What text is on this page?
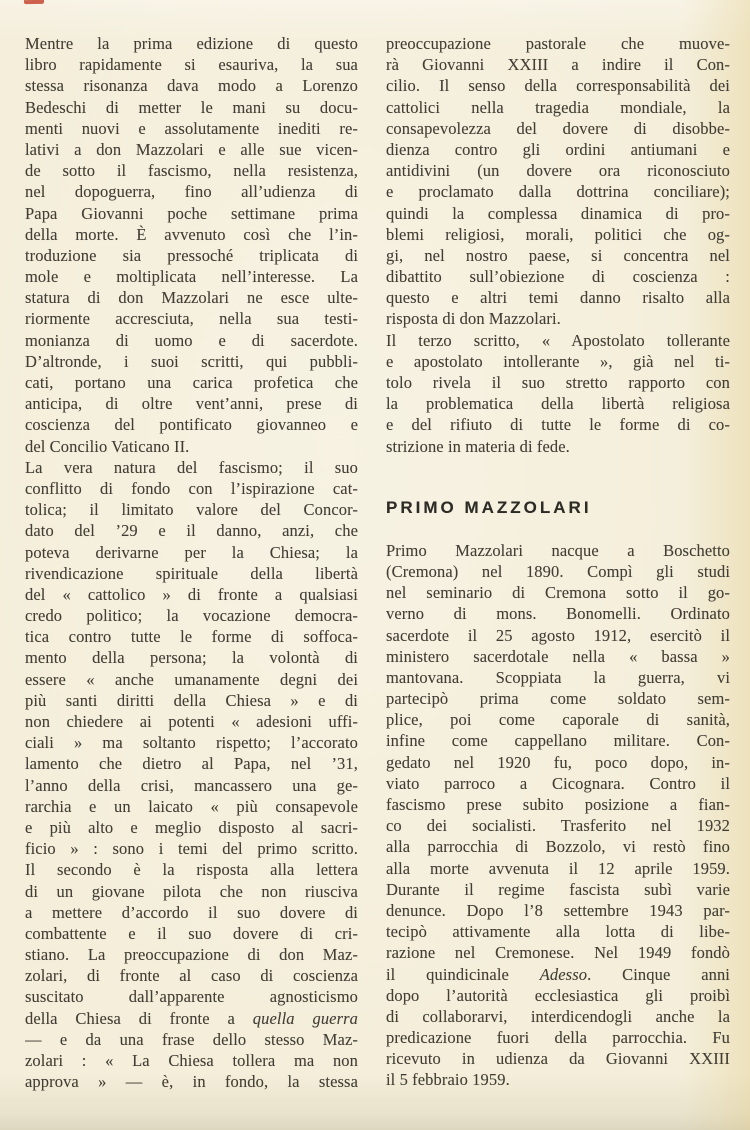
Mentre la prima edizione di questo
libro rapidamente si esauriva, la sua
stessa risonanza dava modo a Lorenzo
Bedeschi di metter le mani su docu-
menti nuovi e assolutamente inediti re-
lativi a don Mazzolari e alle sue vicen-
de sotto il fascismo, nella resistenza,
nel dopoguerra, fino all’udienza di
Papa Giovanni poche settimane prima
della morte. È avvenuto così che l’in-
troduzione sia pressoché triplicata di
mole e moltiplicata nell’interesse. La
statura di don Mazzolari ne esce ulte-
riormente accresciuta, nella sua testi-
monianza di uomo e di sacerdote.
D’altronde, i suoi scritti, qui pubbli-
cati, portano una carica profetica che
anticipa, di oltre vent’anni, prese di
coscienza del pontificato giovanneo e
del Concilio Vaticano II.
La vera natura del fascismo; il suo
conflitto di fondo con l’ispirazione cat-
tolica; il limitato valore del Concor-
dato del ’29 e il danno, anzi, che
poteva derivarne per la Chiesa; la
rivendicazione spirituale della libertà
del « cattolico » di fronte a qualsiasi
credo politico; la vocazione democra-
tica contro tutte le forme di soffoca-
mento della persona; la volontà di
essere « anche umanamente degni dei
più santi diritti della Chiesa » e di
non chiedere ai potenti « adesioni uffi-
ciali » ma soltanto rispetto; l’accorato
lamento che dietro al Papa, nel ’31,
l’anno della crisi, mancassero una ge-
rarchia e un laicato « più consapevole
e più alto e meglio disposto al sacri-
ficio » : sono i temi del primo scritto.
Il secondo è la risposta alla lettera
di un giovane pilota che non riusciva
a mettere d’accordo il suo dovere di
combattente e il suo dovere di cri-
stiano. La preoccupazione di don Maz-
zolari, di fronte al caso di coscienza
suscitato dall’apparente agnosticismo
della Chiesa di fronte a quella guerra
— e da una frase dello stesso Maz-
zolari : « La Chiesa tollera ma non
approva » — è, in fondo, la stessa
preoccupazione pastorale che muove-
rà Giovanni XXIII a indire il Con-
cilio. Il senso della corresponsabilità dei
cattolici nella tragedia mondiale, la
consapevolezza del dovere di disobbe-
dienza contro gli ordini antiumani e
antidivini (un dovere ora riconosciuto
e proclamato dalla dottrina conciliare);
quindi la complessa dinamica di pro-
blemi religiosi, morali, politici che og-
gi, nel nostro paese, si concentra nel
dibattito sull’obiezione di coscienza :
questo e altri temi danno risalto alla
risposta di don Mazzolari.
Il terzo scritto, « Apostolato tollerante
e apostolato intollerante », già nel ti-
tolo rivela il suo stretto rapporto con
la problematica della libertà religiosa
e del rifiuto di tutte le forme di co-
strizione in materia di fede.
PRIMO MAZZOLARI
Primo Mazzolari nacque a Boschetto
(Cremona) nel 1890. Compì gli studi
nel seminario di Cremona sotto il go-
verno di mons. Bonomelli. Ordinato
sacerdote il 25 agosto 1912, esercitò il
ministero sacerdotale nella « bassa »
mantovana. Scoppiata la guerra, vi
partecipò prima come soldato sem-
plice, poi come caporale di sanità,
infine come cappellano militare. Con-
gedato nel 1920 fu, poco dopo, in-
viato parroco a Cicognara. Contro il
fascismo prese subito posizione a fian-
co dei socialisti. Trasferito nel 1932
alla parrocchia di Bozzolo, vi restò fino
alla morte avvenuta il 12 aprile 1959.
Durante il regime fascista subì varie
denunce. Dopo l’8 settembre 1943 par-
tecipò attivamente alla lotta di libe-
razione nel Cremonese. Nel 1949 fondò
il quindicinale Adesso. Cinque anni
dopo l’autorità ecclesiastica gli proibì
di collaborarvi, interdicendogli anche la
predicazione fuori della parrocchia. Fu
ricevuto in udienza da Giovanni XXIII
il 5 febbraio 1959.
